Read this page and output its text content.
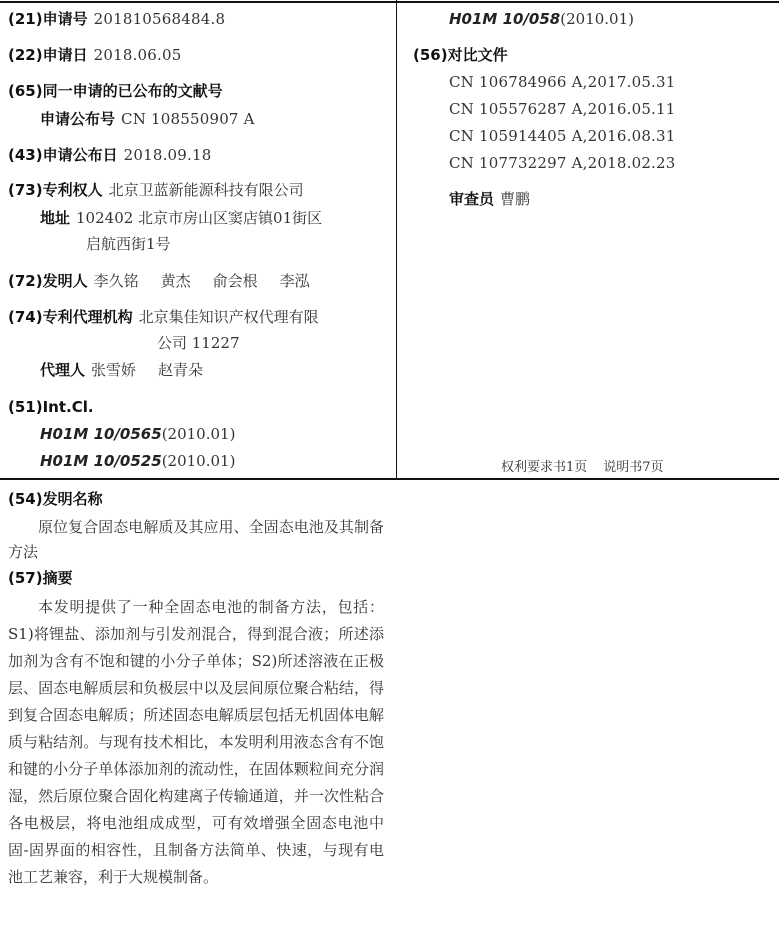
(21)申请号 201810568484.8
(22)申请日 2018.06.05
(65)同一申请的已公布的文献号
申请公布号 CN 108550907 A
(43)申请公布日 2018.09.18
(73)专利权人 北京卫蓝新能源科技有限公司
地址 102402 北京市房山区窦店镇01街区
启航西街1号
(72)发明人 李久铭 黄杰 俞会根 李泓
(74)专利代理机构 北京集佳知识产权代理有限
公司 11227
代理人 张雪娇 赵青朵
(51)Int.Cl.
H01M 10/0565(2010.01)
H01M 10/0525(2010.01)
H01M 10/058(2010.01)
(56)对比文件
CN 106784966 A,2017.05.31
CN 105576287 A,2016.05.11
CN 105914405 A,2016.08.31
CN 107732297 A,2018.02.23
审查员 曹鹏
权利要求书1页 说明书7页
(54)发明名称

原位复合固态电解质及其应用、全固态电池及其制备方法

(57)摘要

本发明提供了一种全固态电池的制备方法，包括：S1)将锂盐、添加剂与引发剂混合，得到混合液；所述添加剂为含有不饱和键的小分子单体；S2)所述溶液在正极层、固态电解质层和负极层中以及层间原位聚合粘结，得到复合固态电解质；所述固态电解质层包括无机固体电解质与粘结剂。与现有技术相比，本发明利用液态含有不饱和键的小分子单体添加剂的流动性，在固体颗粒间充分润湿，然后原位聚合固化构建离子传输通道，并一次性粘合各电极层，将电池组成成型，可有效增强全固态电池中固-固界面的相容性，且制备方法简单、快速，与现有电池工艺兼容，利于大规模制备。
